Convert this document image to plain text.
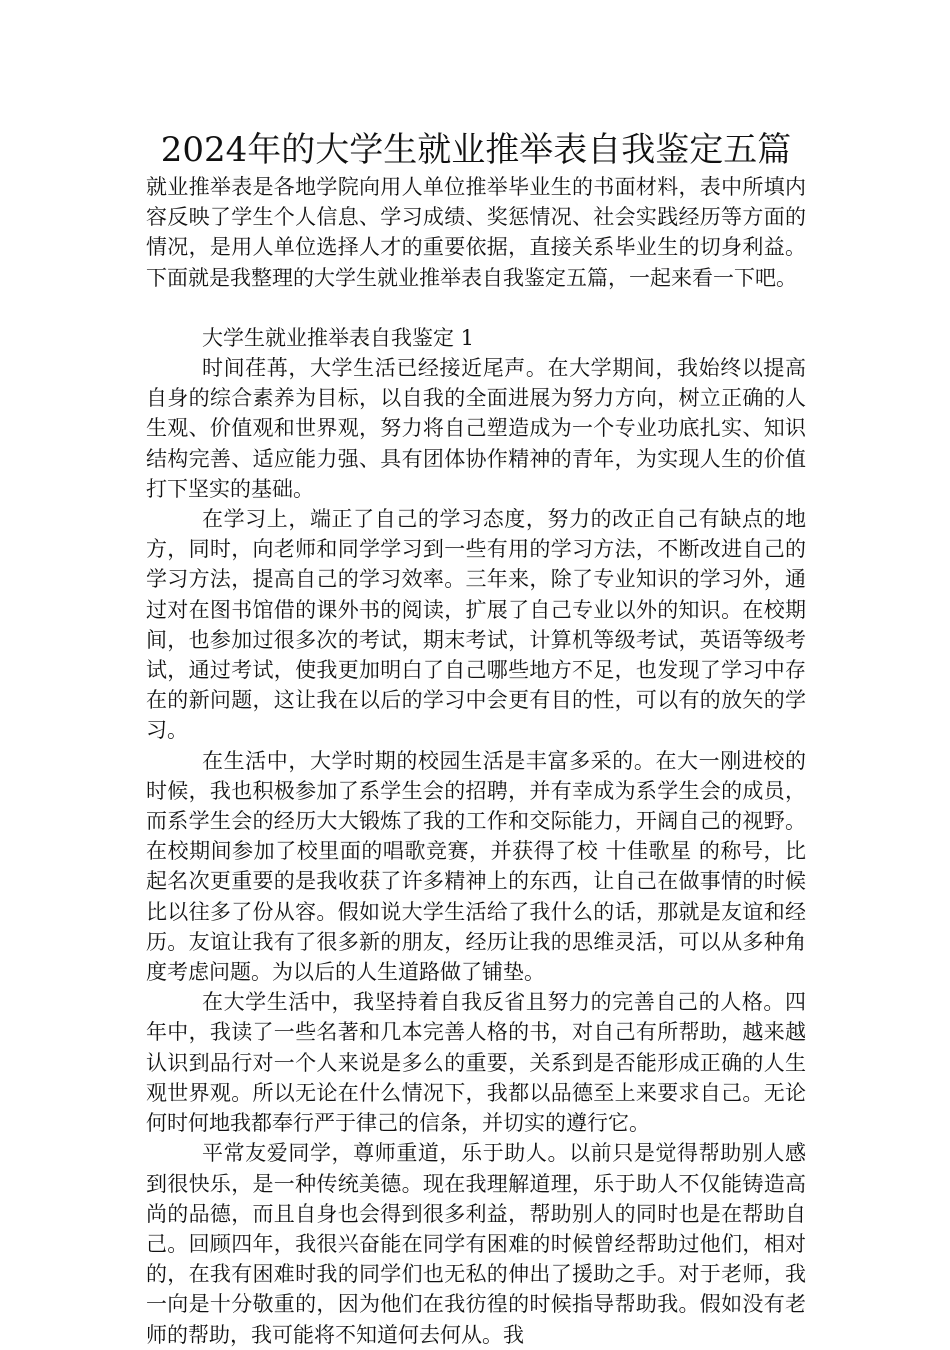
2024年的大学生就业推举表自我鉴定五篇

就业推举表是各地学院向用人单位推举毕业生的书面材料，表中所填内容反映了学生个人信息、学习成绩、奖惩情况、社会实践经历等方面的情况，是用人单位选择人才的重要依据，直接关系毕业生的切身利益。下面就是我整理的大学生就业推举表自我鉴定五篇，一起来看一下吧。

大学生就业推举表自我鉴定 1

时间荏苒，大学生活已经接近尾声。在大学期间，我始终以提高自身的综合素养为目标，以自我的全面进展为努力方向，树立正确的人生观、价值观和世界观，努力将自己塑造成为一个专业功底扎实、知识结构完善、适应能力强、具有团体协作精神的青年，为实现人生的价值打下坚实的基础。

在学习上，端正了自己的学习态度，努力的改正自己有缺点的地方，同时，向老师和同学学习到一些有用的学习方法，不断改进自己的学习方法，提高自己的学习效率。三年来，除了专业知识的学习外，通过对在图书馆借的课外书的阅读，扩展了自己专业以外的知识。在校期间，也参加过很多次的考试，期末考试，计算机等级考试，英语等级考试，通过考试，使我更加明白了自己哪些地方不足，也发现了学习中存在的新问题，这让我在以后的学习中会更有目的性，可以有的放矢的学习。

在生活中，大学时期的校园生活是丰富多采的。在大一刚进校的时候，我也积极参加了系学生会的招聘，并有幸成为系学生会的成员，而系学生会的经历大大锻炼了我的工作和交际能力，开阔自己的视野。在校期间参加了校里面的唱歌竞赛，并获得了校 十佳歌星 的称号，比起名次更重要的是我收获了许多精神上的东西，让自己在做事情的时候比以往多了份从容。假如说大学生活给了我什么的话，那就是友谊和经历。友谊让我有了很多新的朋友，经历让我的思维灵活，可以从多种角度考虑问题。为以后的人生道路做了铺垫。

在大学生活中，我坚持着自我反省且努力的完善自己的人格。四年中，我读了一些名著和几本完善人格的书，对自己有所帮助，越来越认识到品行对一个人来说是多么的重要，关系到是否能形成正确的人生观世界观。所以无论在什么情况下，我都以品德至上来要求自己。无论何时何地我都奉行严于律己的信条，并切实的遵行它。

平常友爱同学，尊师重道，乐于助人。以前只是觉得帮助别人感到很快乐，是一种传统美德。现在我理解道理，乐于助人不仅能铸造高尚的品德，而且自身也会得到很多利益，帮助别人的同时也是在帮助自己。回顾四年，我很兴奋能在同学有困难的时候曾经帮助过他们，相对的，在我有困难时我的同学们也无私的伸出了援助之手。对于老师，我一向是十分敬重的，因为他们在我彷徨的时候指导帮助我。假如没有老师的帮助，我可能将不知道何去何从。我
